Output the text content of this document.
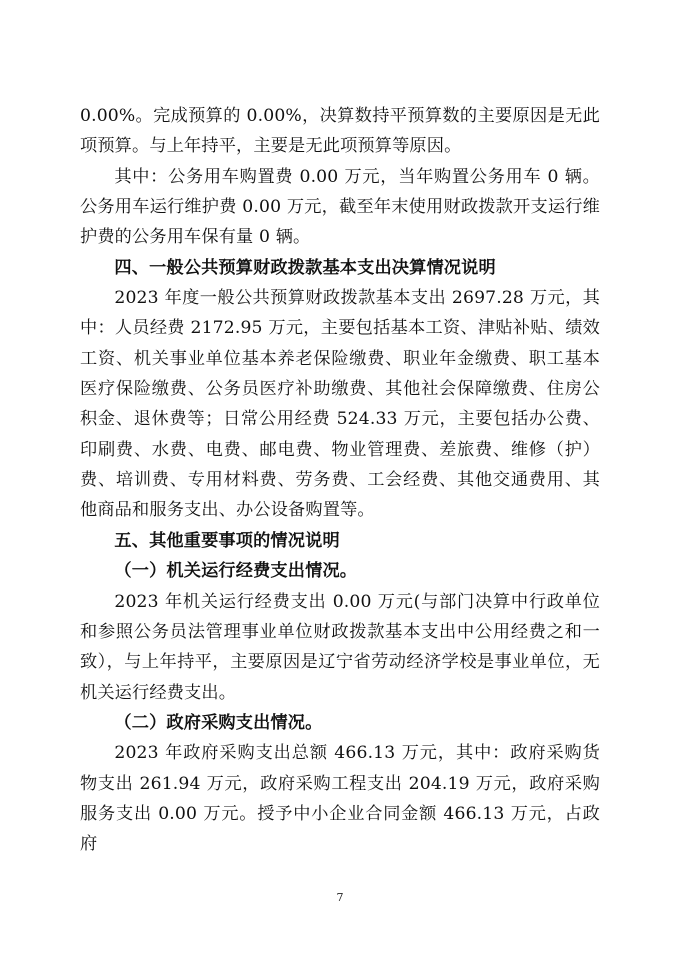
0.00%。完成预算的 0.00%，决算数持平预算数的主要原因是无此项预算。与上年持平，主要是无此项预算等原因。

其中：公务用车购置费 0.00 万元，当年购置公务用车 0 辆。公务用车运行维护费 0.00 万元，截至年末使用财政拨款开支运行维护费的公务用车保有量 0 辆。

四、一般公共预算财政拨款基本支出决算情况说明

2023 年度一般公共预算财政拨款基本支出 2697.28 万元，其中：人员经费 2172.95 万元，主要包括基本工资、津贴补贴、绩效工资、机关事业单位基本养老保险缴费、职业年金缴费、职工基本医疗保险缴费、公务员医疗补助缴费、其他社会保障缴费、住房公积金、退休费等；日常公用经费 524.33 万元，主要包括办公费、印刷费、水费、电费、邮电费、物业管理费、差旅费、维修（护）费、培训费、专用材料费、劳务费、工会经费、其他交通费用、其他商品和服务支出、办公设备购置等。

五、其他重要事项的情况说明

（一）机关运行经费支出情况。

2023 年机关运行经费支出 0.00 万元(与部门决算中行政单位和参照公务员法管理事业单位财政拨款基本支出中公用经费之和一致），与上年持平，主要原因是辽宁省劳动经济学校是事业单位，无机关运行经费支出。

（二）政府采购支出情况。

2023 年政府采购支出总额 466.13 万元，其中：政府采购货物支出 261.94 万元，政府采购工程支出 204.19 万元，政府采购服务支出 0.00 万元。授予中小企业合同金额 466.13 万元，占政府

7
